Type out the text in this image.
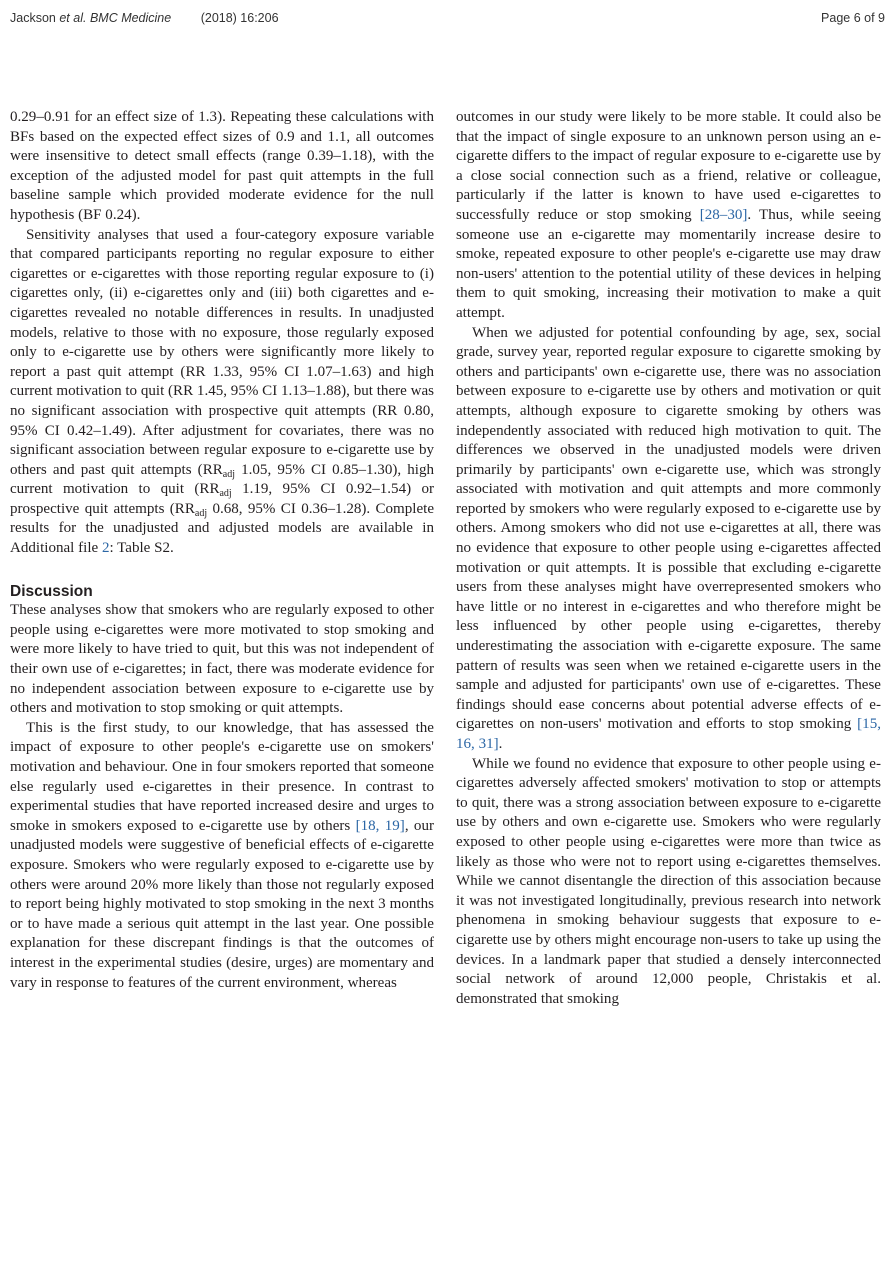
Jackson et al. BMC Medicine (2018) 16:206	Page 6 of 9

0.29–0.91 for an effect size of 1.3). Repeating these calculations with BFs based on the expected effect sizes of 0.9 and 1.1, all outcomes were insensitive to detect small effects (range 0.39–1.18), with the exception of the adjusted model for past quit attempts in the full baseline sample which provided moderate evidence for the null hypothesis (BF 0.24).

Sensitivity analyses that used a four-category exposure variable that compared participants reporting no regular exposure to either cigarettes or e-cigarettes with those reporting regular exposure to (i) cigarettes only, (ii) e-cigarettes only and (iii) both cigarettes and e-cigarettes revealed no notable differences in results. In unadjusted models, relative to those with no exposure, those regularly exposed only to e-cigarette use by others were significantly more likely to report a past quit attempt (RR 1.33, 95% CI 1.07–1.63) and high current motivation to quit (RR 1.45, 95% CI 1.13–1.88), but there was no significant association with prospective quit attempts (RR 0.80, 95% CI 0.42–1.49). After adjustment for covariates, there was no significant association between regular exposure to e-cigarette use by others and past quit attempts ($RR_{adj}$ 1.05, 95% CI 0.85–1.30), high current motivation to quit ($RR_{adj}$ 1.19, 95% CI 0.92–1.54) or prospective quit attempts ($RR_{adj}$ 0.68, 95% CI 0.36–1.28). Complete results for the unadjusted and adjusted models are available in Additional file 2: Table S2.

Discussion

These analyses show that smokers who are regularly exposed to other people using e-cigarettes were more motivated to stop smoking and were more likely to have tried to quit, but this was not independent of their own use of e-cigarettes; in fact, there was moderate evidence for no independent association between exposure to e-cigarette use by others and motivation to stop smoking or quit attempts.

This is the first study, to our knowledge, that has assessed the impact of exposure to other people's e-cigarette use on smokers' motivation and behaviour. One in four smokers reported that someone else regularly used e-cigarettes in their presence. In contrast to experimental studies that have reported increased desire and urges to smoke in smokers exposed to e-cigarette use by others [18, 19], our unadjusted models were suggestive of beneficial effects of e-cigarette exposure. Smokers who were regularly exposed to e-cigarette use by others were around 20% more likely than those not regularly exposed to report being highly motivated to stop smoking in the next 3 months or to have made a serious quit attempt in the last year. One possible explanation for these discrepant findings is that the outcomes of interest in the experimental studies (desire, urges) are momentary and vary in response to features of the current environment, whereas

outcomes in our study were likely to be more stable. It could also be that the impact of single exposure to an unknown person using an e-cigarette differs to the impact of regular exposure to e-cigarette use by a close social connection such as a friend, relative or colleague, particularly if the latter is known to have used e-cigarettes to successfully reduce or stop smoking [28–30]. Thus, while seeing someone use an e-cigarette may momentarily increase desire to smoke, repeated exposure to other people's e-cigarette use may draw non-users' attention to the potential utility of these devices in helping them to quit smoking, increasing their motivation to make a quit attempt.

When we adjusted for potential confounding by age, sex, social grade, survey year, reported regular exposure to cigarette smoking by others and participants' own e-cigarette use, there was no association between exposure to e-cigarette use by others and motivation or quit attempts, although exposure to cigarette smoking by others was independently associated with reduced high motivation to quit. The differences we observed in the unadjusted models were driven primarily by participants' own e-cigarette use, which was strongly associated with motivation and quit attempts and more commonly reported by smokers who were regularly exposed to e-cigarette use by others. Among smokers who did not use e-cigarettes at all, there was no evidence that exposure to other people using e-cigarettes affected motivation or quit attempts. It is possible that excluding e-cigarette users from these analyses might have overrepresented smokers who have little or no interest in e-cigarettes and who therefore might be less influenced by other people using e-cigarettes, thereby underestimating the association with e-cigarette exposure. The same pattern of results was seen when we retained e-cigarette users in the sample and adjusted for participants' own use of e-cigarettes. These findings should ease concerns about potential adverse effects of e-cigarettes on non-users' motivation and efforts to stop smoking [15, 16, 31].

While we found no evidence that exposure to other people using e-cigarettes adversely affected smokers' motivation to stop or attempts to quit, there was a strong association between exposure to e-cigarette use by others and own e-cigarette use. Smokers who were regularly exposed to other people using e-cigarettes were more than twice as likely as those who were not to report using e-cigarettes themselves. While we cannot disentangle the direction of this association because it was not investigated longitudinally, previous research into network phenomena in smoking behaviour suggests that exposure to e-cigarette use by others might encourage non-users to take up using the devices. In a landmark paper that studied a densely interconnected social network of around 12,000 people, Christakis et al. demonstrated that smoking
